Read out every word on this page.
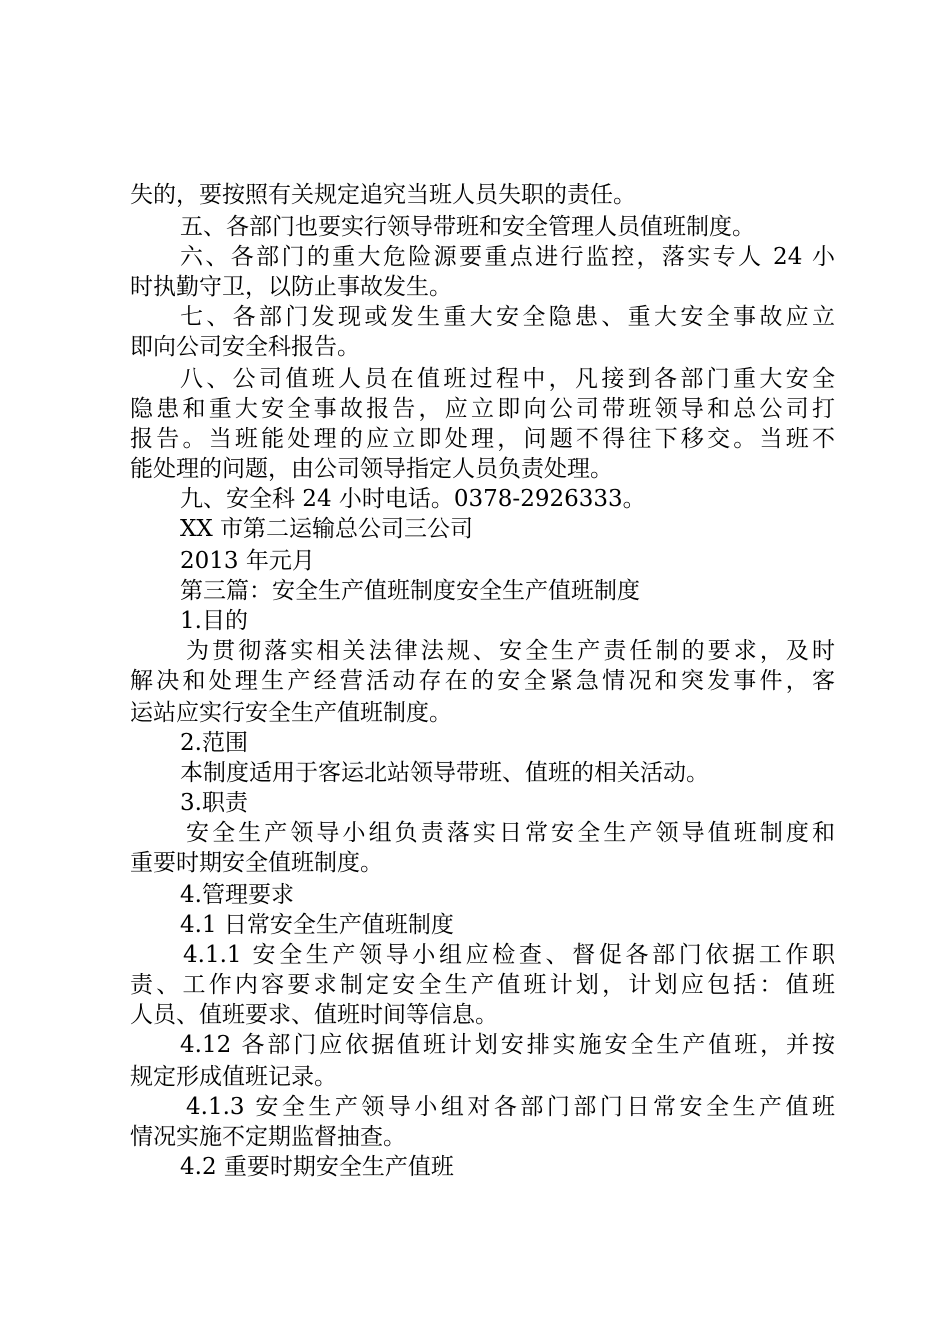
失的，要按照有关规定追究当班人员失职的责任。
五、各部门也要实行领导带班和安全管理人员值班制度。
六、各部门的重大危险源要重点进行监控，落实专人 24 小
时执勤守卫，以防止事故发生。
七、各部门发现或发生重大安全隐患、重大安全事故应立
即向公司安全科报告。
八、公司值班人员在值班过程中，凡接到各部门重大安全
隐患和重大安全事故报告，应立即向公司带班领导和总公司打
报告。当班能处理的应立即处理，问题不得往下移交。当班不
能处理的问题，由公司领导指定人员负责处理。
九、安全科 24 小时电话。0378-2926333。
XX 市第二运输总公司三公司
2013 年元月
第三篇：安全生产值班制度安全生产值班制度
1.目的
为贯彻落实相关法律法规、安全生产责任制的要求，及时
解决和处理生产经营活动存在的安全紧急情况和突发事件，客
运站应实行安全生产值班制度。
2.范围
本制度适用于客运北站领导带班、值班的相关活动。
3.职责
安全生产领导小组负责落实日常安全生产领导值班制度和
重要时期安全值班制度。
4.管理要求
4.1 日常安全生产值班制度
4.1.1 安全生产领导小组应检查、督促各部门依据工作职
责、工作内容要求制定安全生产值班计划，计划应包括：值班
人员、值班要求、值班时间等信息。
4.12 各部门应依据值班计划安排实施安全生产值班，并按
规定形成值班记录。
4.1.3 安全生产领导小组对各部门部门日常安全生产值班
情况实施不定期监督抽查。
4.2 重要时期安全生产值班
